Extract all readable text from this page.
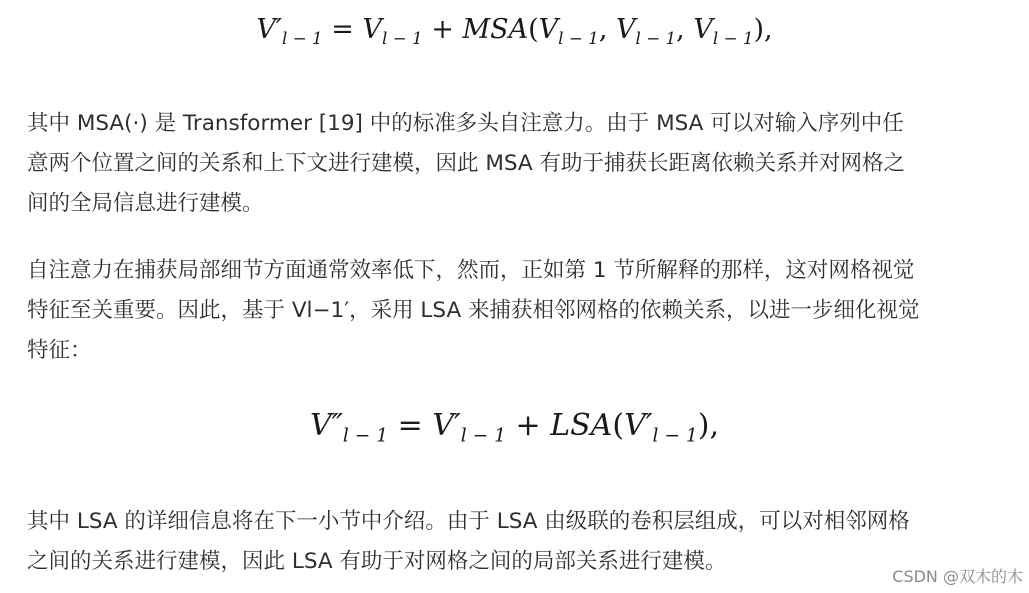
$V'_{l - 1} = V_{l - 1} + MSA(V_{l - 1}$, $V_{l - 1}$, $V_{l - 1}$),

其中 MSA(·) 是 Transformer [19] 中的标准多头自注意力。由于 MSA 可以对输入序列中任
意两个位置之间的关系和上下文进行建模，因此 MSA 有助于捕获长距离依赖关系并对网格之
间的全局信息进行建模。

自注意力在捕获局部细节方面通常效率低下，然而，正如第 1 节所解释的那样，这对网格视觉
特征至关重要。因此，基于 Vl−1′，采用 LSA 来捕获相邻网格的依赖关系，以进一步细化视觉
特征：

$V''_{l - 1} = V'_{l - 1} + LSA(V'_{l - 1})$,

其中 LSA 的详细信息将在下一小节中介绍。由于 LSA 由级联的卷积层组成，可以对相邻网格
之间的关系进行建模，因此 LSA 有助于对网格之间的局部关系进行建模。

CSDN @双木的木
